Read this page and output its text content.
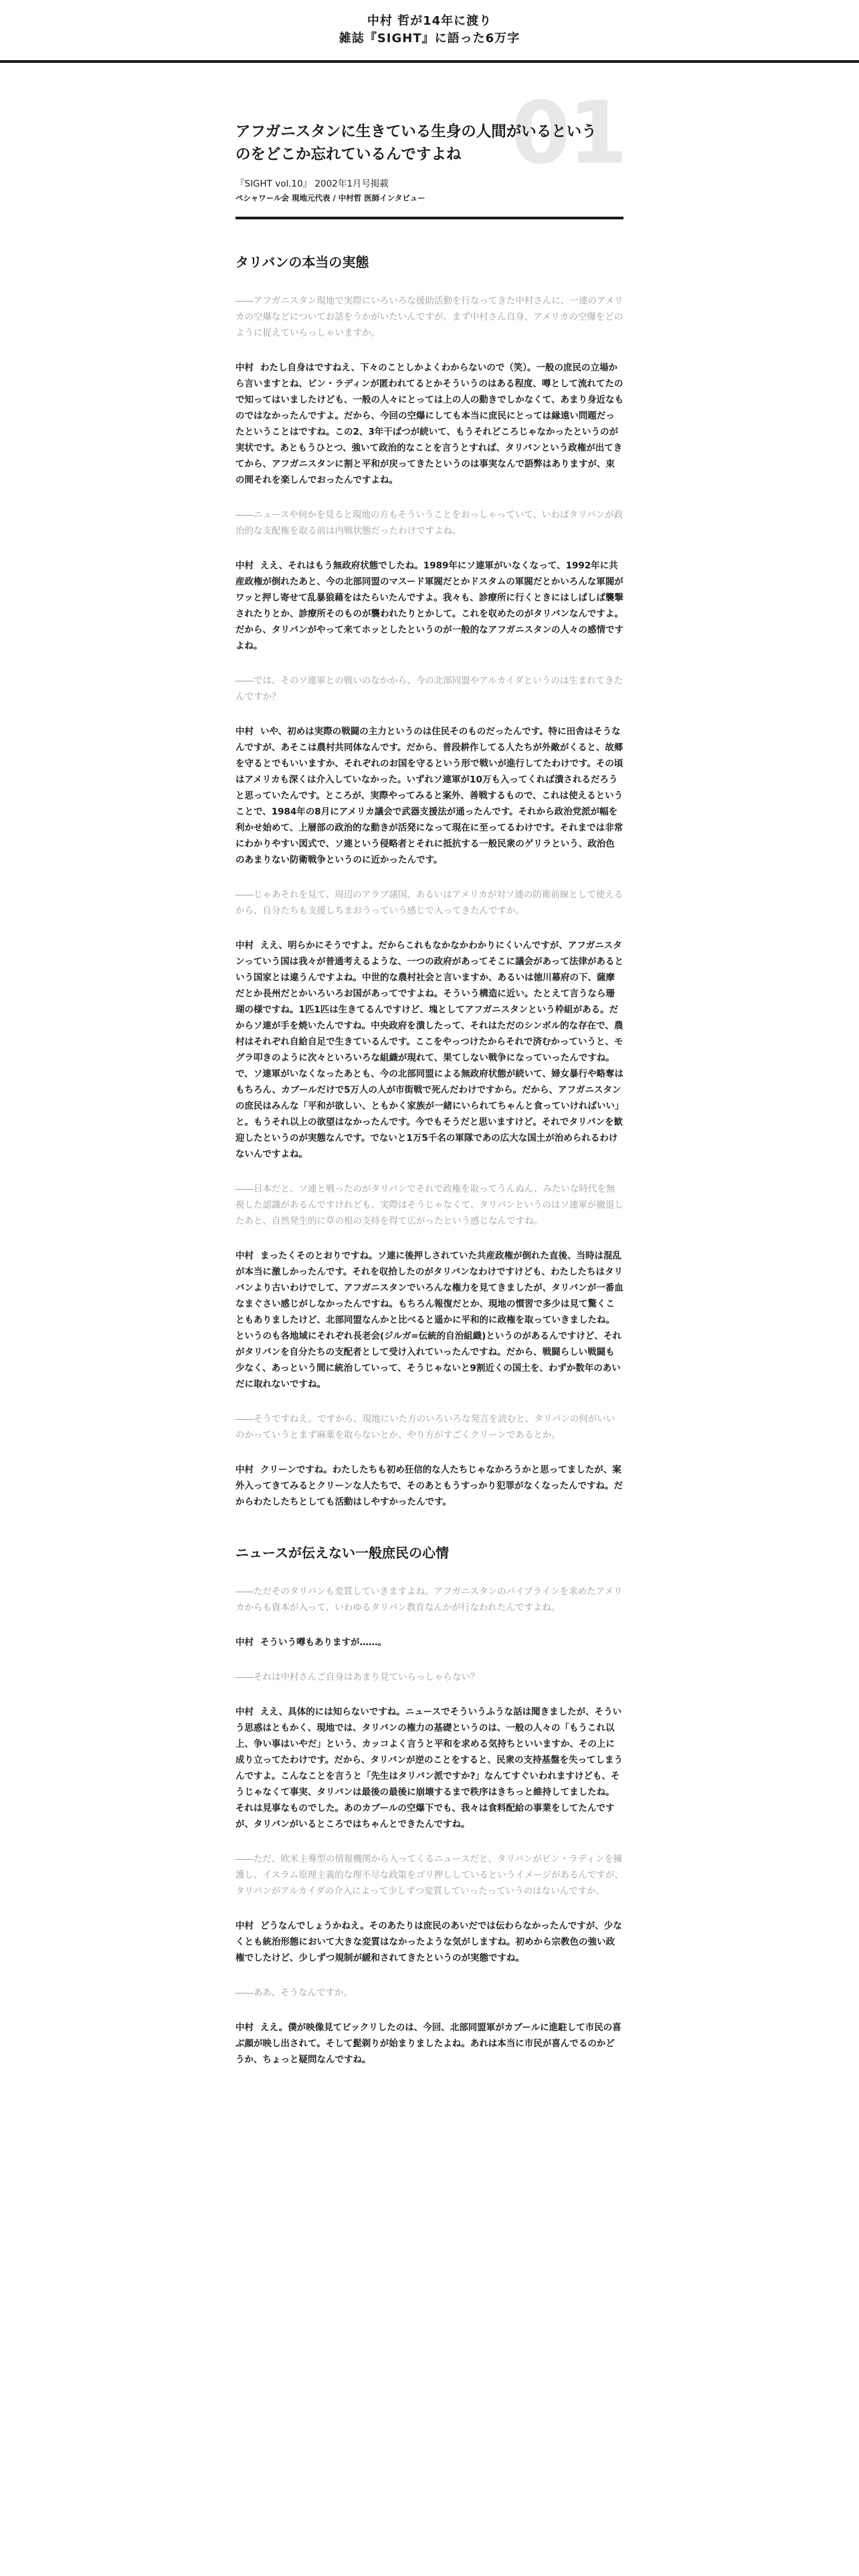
中村 哲が14年に渡り
雑誌『SIGHT』に語った6万字
01
アフガニスタンに生きている生身の人間がいるというのをどこか忘れているんですよね
『SIGHT vol.10』 2002年1月号掲載
ペシャワール会 現地元代表 / 中村哲 医師インタビュー
タリバンの本当の実態

――アフガニスタン現地で実際にいろいろな援助活動を行なってきた中村さんに、一連のアメリカの空爆などについてお話をうかがいたいんですが。まず中村さん自身、アメリカの空爆をどのように捉えていらっしゃいますか。

中村 わたし自身はですねえ、下々のことしかよくわからないので（笑）。一般の庶民の立場から言いますとね、ビン・ラディンが匿われてるとかそういうのはある程度、噂として流れてたので知ってはいましたけども、一般の人々にとっては上の人の動きでしかなくて、あまり身近なものではなかったんですよ。だから、今回の空爆にしても本当に庶民にとっては縁遠い問題だったということはですね。この2、3年干ばつが続いて、もうそれどころじゃなかったというのが実状です。あともうひとつ、強いて政治的なことを言うとすれば、タリバンという政権が出てきてから、アフガニスタンに割と平和が戻ってきたというのは事実なんで語弊はありますが、束の間それを楽しんでおったんですよね。

――ニュースや何かを見ると現地の方もそういうことをおっしゃっていて、いわばタリバンが政治的な支配権を取る前は内戦状態だったわけですよね。

中村 ええ、それはもう無政府状態でしたね。1989年にソ連軍がいなくなって、1992年に共産政権が倒れたあと、今の北部同盟のマスード軍閥だとかドスタムの軍閥だとかいろんな軍閥がワッと押し寄せて乱暴狼藉をはたらいたんですよ。我々も、診療所に行くときにはしばしば襲撃されたりとか、診療所そのものが襲われたりとかして。これを収めたのがタリバンなんですよ。だから、タリバンがやって来てホッとしたというのが一般的なアフガニスタンの人々の感情ですよね。

――では、そのソ連軍との戦いのなかから、今の北部同盟やアルカイダというのは生まれてきたんですか？

中村 いや、初めは実際の戦闘の主力というのは住民そのものだったんです。特に田舎はそうなんですが、あそこは農村共同体なんです。だから、普段耕作してる人たちが外敵がくると、故郷を守るとでもいいますか、それぞれのお国を守るという形で戦いが進行してたわけです。その頃はアメリカも深くは介入していなかった。いずれソ連軍が10万も入ってくれば潰されるだろうと思っていたんです。ところが、実際やってみると案外、善戦するもので、これは使えるということで、1984年の8月にアメリカ議会で武器支援法が通ったんです。それから政治党派が幅を利かせ始めて、上層部の政治的な動きが活発になって現在に至ってるわけです。それまでは非常にわかりやすい図式で、ソ連という侵略者とそれに抵抗する一般民衆のゲリラという、政治色のあまりない防衛戦争というのに近かったんです。

――じゃあそれを見て、周辺のアラブ諸国、あるいはアメリカが対ソ連の防衛前線として使えるから、自分たちも支援しちまおうっていう感じで入ってきたんですか。

中村 ええ、明らかにそうですよ。だからこれもなかなかわかりにくいんですが、アフガニスタンっていう国は我々が普通考えるような、一つの政府があってそこに議会があって法律があるという国家とは違うんですよね。中世的な農村社会と言いますか、あるいは徳川幕府の下、薩摩だとか長州だとかいろいろお国があってですよね。そういう構造に近い。たとえて言うなら珊瑚の様ですね。1匹1匹は生きてるんですけど、塊としてアフガニスタンという枠組がある。だからソ連が手を焼いたんですね。中央政府を潰したって、それはただのシンボル的な存在で、農村はそれぞれ自給自足で生きているんです。ここをやっつけたからそれで済むかっていうと、モグラ叩きのように次々といろいろな組織が現れて、果てしない戦争になっていったんですね。で、ソ連軍がいなくなったあとも、今の北部同盟による無政府状態が続いて、婦女暴行や略奪はもちろん、カブールだけで5万人の人が市街戦で死んだわけですから。だから、アフガニスタンの庶民はみんな「平和が欲しい、ともかく家族が一緒にいられてちゃんと食っていければいい」と。もうそれ以上の欲望はなかったんです。今でもそうだと思いますけど。それでタリバンを歓迎したというのが実態なんです。でないと1万5千名の軍隊であの広大な国土が治められるわけないんですよね。

――日本だと、ソ連と戦ったのがタリバンでそれで政権を取ってうんぬん、みたいな時代を無視した認識があるんですけれども、実際はそうじゃなくて、タリバンというのはソ連軍が撤退したあと、自然発生的に草の根の支持を得て広がったという感じなんですね。

中村 まったくそのとおりですね。ソ連に後押しされていた共産政権が倒れた直後、当時は混乱が本当に激しかったんです。それを収拾したのがタリバンなわけですけども、わたしたちはタリバンより古いわけでして、アフガニスタンでいろんな権力を見てきましたが、タリバンが一番血なまぐさい感じがしなかったんですね。もちろん報復だとか、現地の慣習で多少は見て驚くこともありましたけど、北部同盟なんかと比べると遥かに平和的に政権を取っていきましたね。というのも各地域にそれぞれ長老会(ジルガ=伝統的自治組織)というのがあるんですけど、それがタリバンを自分たちの支配者として受け入れていったんですね。だから、戦闘らしい戦闘も少なく、あっという間に統治していって、そうじゃないと9割近くの国土を、わずか数年のあいだに取れないですね。

――そうですねえ。ですから、現地にいた方のいろいろな発言を読むと、タリバンの何がいいのかっていうとまず麻薬を取らないとか、やり方がすごくクリーンであるとか。

中村 クリーンですね。わたしたちも初め狂信的な人たちじゃなかろうかと思ってましたが、案外入ってきてみるとクリーンな人たちで、そのあともうすっかり犯罪がなくなったんですね。だからわたしたちとしても活動はしやすかったんです。

ニュースが伝えない一般庶民の心情

――ただそのタリバンも変質していきますよね。アフガニスタンのパイプラインを求めたアメリカからも資本が入って、いわゆるタリバン教育なんかが行なわれたんですよね。

中村 そういう噂もありますが……。

――それは中村さんご自身はあまり見ていらっしゃらない？

中村 ええ、具体的には知らないですね。ニュースでそういうふうな話は聞きましたが、そういう思惑はともかく、現地では、タリバンの権力の基礎というのは、一般の人々の「もうこれ以上、争い事はいやだ」という、カッコよく言うと平和を求める気持ちといいますか、その上に成り立ってたわけです。だから、タリバンが逆のことをすると、民衆の支持基盤を失ってしまうんですよ。こんなことを言うと「先生はタリバン派ですか?」なんてすぐいわれますけども、そうじゃなくて事実、タリバンは最後の最後に崩壊するまで秩序はきちっと維持してましたね。それは見事なものでした。あのカブールの空爆下でも、我々は食料配給の事業をしてたんですが、タリバンがいるところではちゃんとできたんですね。

――ただ、欧米主導型の情報機関から入ってくるニュースだと、タリバンがビン・ラディンを擁護し、イスラム原理主義的な理不尽な政策をゴリ押ししているというイメージがあるんですが、タリバンがアルカイダの介入によって少しずつ変質していったっていうのはないんですか。

中村 どうなんでしょうかねえ。そのあたりは庶民のあいだでは伝わらなかったんですが、少なくとも統治形態において大きな変質はなかったような気がしますね。初めから宗教色の強い政権でしたけど、少しずつ規制が緩和されてきたというのが実態ですね。

――ああ、そうなんですか。

中村 ええ。僕が映像見てビックリしたのは、今回、北部同盟軍がカブールに進駐して市民の喜ぶ顔が映し出されて。そして髭剃りが始まりましたよね。あれは本当に市民が喜んでるのかどうか、ちょっと疑問なんですね。
